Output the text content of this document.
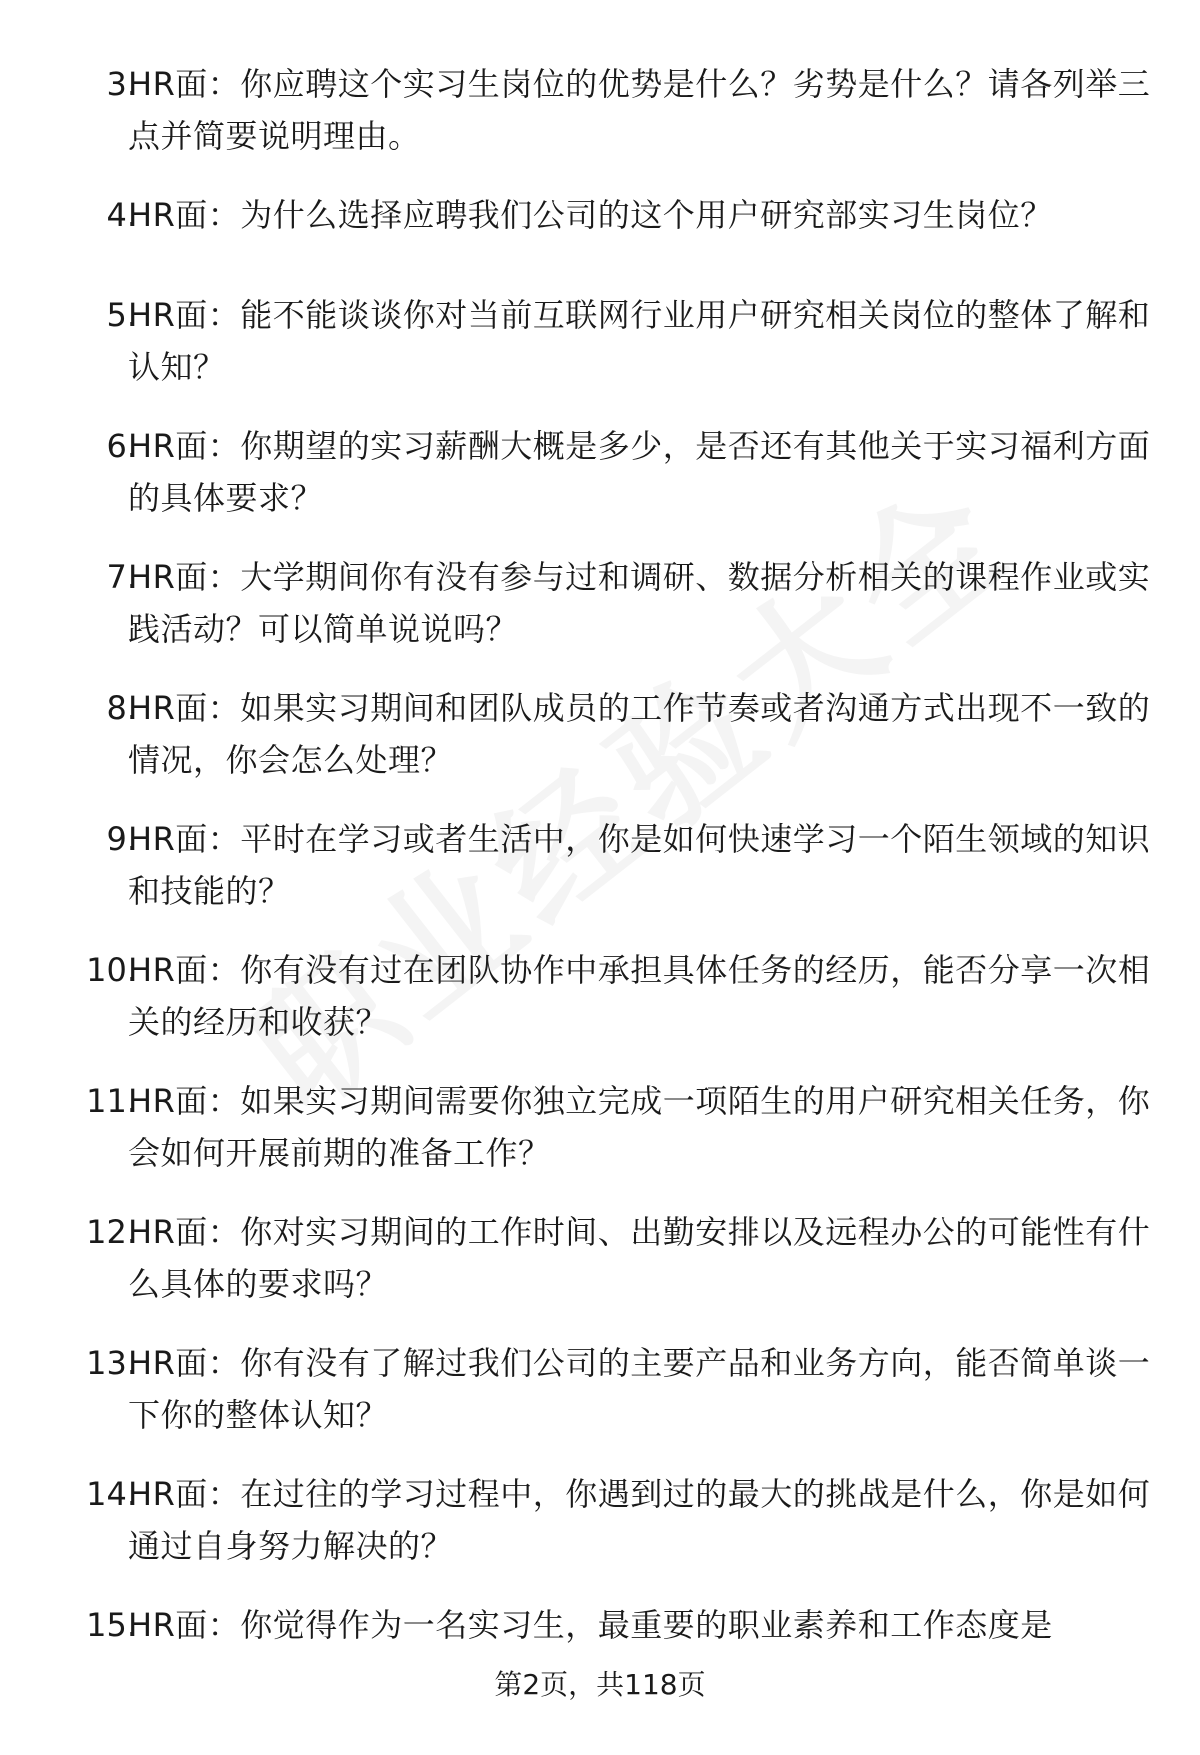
3.
HR面：你应聘这个实习生岗位的优势是什么？劣势是什么？请各列举三点并简要说明理由。
4.
HR面：为什么选择应聘我们公司的这个用户研究部实习生岗位？
5.
HR面：能不能谈谈你对当前互联网行业用户研究相关岗位的整体了解和认知？
6.
HR面：你期望的实习薪酬大概是多少，是否还有其他关于实习福利方面的具体要求？
7.
HR面：大学期间你有没有参与过和调研、数据分析相关的课程作业或实践活动？可以简单说说吗？
8.
HR面：如果实习期间和团队成员的工作节奏或者沟通方式出现不一致的情况，你会怎么处理？
9.
HR面：平时在学习或者生活中，你是如何快速学习一个陌生领域的知识和技能的？
10.
HR面：你有没有过在团队协作中承担具体任务的经历，能否分享一次相关的经历和收获？
11.
HR面：如果实习期间需要你独立完成一项陌生的用户研究相关任务，你会如何开展前期的准备工作？
12.
HR面：你对实习期间的工作时间、出勤安排以及远程办公的可能性有什么具体的要求吗？
13.
HR面：你有没有了解过我们公司的主要产品和业务方向，能否简单谈一下你的整体认知？
14.
HR面：在过往的学习过程中，你遇到过的最大的挑战是什么，你是如何通过自身努力解决的？
15.
HR面：你觉得作为一名实习生，最重要的职业素养和工作态度是
第2页，共118页
